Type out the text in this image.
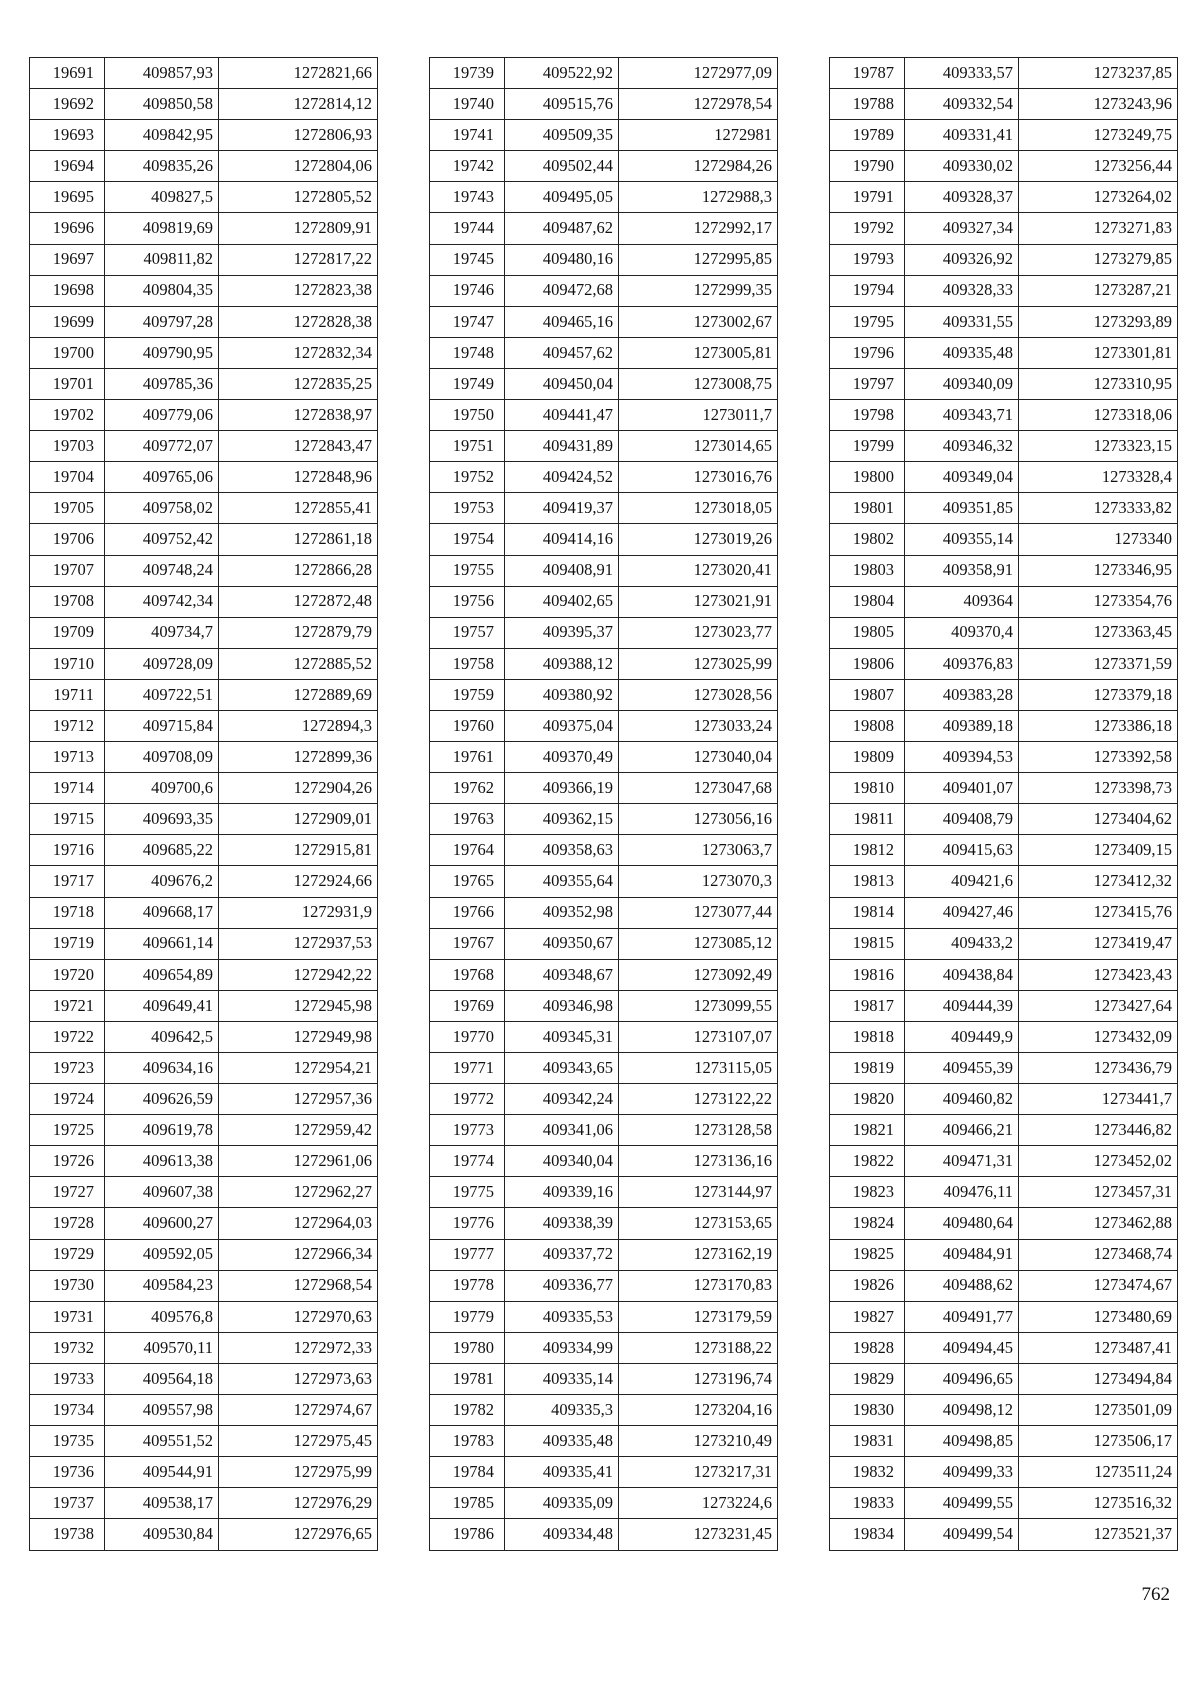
19691	409857,93	1272821,66
19692	409850,58	1272814,12
19693	409842,95	1272806,93
19694	409835,26	1272804,06
19695	409827,5	1272805,52
19696	409819,69	1272809,91
19697	409811,82	1272817,22
19698	409804,35	1272823,38
19699	409797,28	1272828,38
19700	409790,95	1272832,34
19701	409785,36	1272835,25
19702	409779,06	1272838,97
19703	409772,07	1272843,47
19704	409765,06	1272848,96
19705	409758,02	1272855,41
19706	409752,42	1272861,18
19707	409748,24	1272866,28
19708	409742,34	1272872,48
19709	409734,7	1272879,79
19710	409728,09	1272885,52
19711	409722,51	1272889,69
19712	409715,84	1272894,3
19713	409708,09	1272899,36
19714	409700,6	1272904,26
19715	409693,35	1272909,01
19716	409685,22	1272915,81
19717	409676,2	1272924,66
19718	409668,17	1272931,9
19719	409661,14	1272937,53
19720	409654,89	1272942,22
19721	409649,41	1272945,98
19722	409642,5	1272949,98
19723	409634,16	1272954,21
19724	409626,59	1272957,36
19725	409619,78	1272959,42
19726	409613,38	1272961,06
19727	409607,38	1272962,27
19728	409600,27	1272964,03
19729	409592,05	1272966,34
19730	409584,23	1272968,54
19731	409576,8	1272970,63
19732	409570,11	1272972,33
19733	409564,18	1272973,63
19734	409557,98	1272974,67
19735	409551,52	1272975,45
19736	409544,91	1272975,99
19737	409538,17	1272976,29
19738	409530,84	1272976,65
19739	409522,92	1272977,09
19740	409515,76	1272978,54
19741	409509,35	1272981
19742	409502,44	1272984,26
19743	409495,05	1272988,3
19744	409487,62	1272992,17
19745	409480,16	1272995,85
19746	409472,68	1272999,35
19747	409465,16	1273002,67
19748	409457,62	1273005,81
19749	409450,04	1273008,75
19750	409441,47	1273011,7
19751	409431,89	1273014,65
19752	409424,52	1273016,76
19753	409419,37	1273018,05
19754	409414,16	1273019,26
19755	409408,91	1273020,41
19756	409402,65	1273021,91
19757	409395,37	1273023,77
19758	409388,12	1273025,99
19759	409380,92	1273028,56
19760	409375,04	1273033,24
19761	409370,49	1273040,04
19762	409366,19	1273047,68
19763	409362,15	1273056,16
19764	409358,63	1273063,7
19765	409355,64	1273070,3
19766	409352,98	1273077,44
19767	409350,67	1273085,12
19768	409348,67	1273092,49
19769	409346,98	1273099,55
19770	409345,31	1273107,07
19771	409343,65	1273115,05
19772	409342,24	1273122,22
19773	409341,06	1273128,58
19774	409340,04	1273136,16
19775	409339,16	1273144,97
19776	409338,39	1273153,65
19777	409337,72	1273162,19
19778	409336,77	1273170,83
19779	409335,53	1273179,59
19780	409334,99	1273188,22
19781	409335,14	1273196,74
19782	409335,3	1273204,16
19783	409335,48	1273210,49
19784	409335,41	1273217,31
19785	409335,09	1273224,6
19786	409334,48	1273231,45
19787	409333,57	1273237,85
19788	409332,54	1273243,96
19789	409331,41	1273249,75
19790	409330,02	1273256,44
19791	409328,37	1273264,02
19792	409327,34	1273271,83
19793	409326,92	1273279,85
19794	409328,33	1273287,21
19795	409331,55	1273293,89
19796	409335,48	1273301,81
19797	409340,09	1273310,95
19798	409343,71	1273318,06
19799	409346,32	1273323,15
19800	409349,04	1273328,4
19801	409351,85	1273333,82
19802	409355,14	1273340
19803	409358,91	1273346,95
19804	409364	1273354,76
19805	409370,4	1273363,45
19806	409376,83	1273371,59
19807	409383,28	1273379,18
19808	409389,18	1273386,18
19809	409394,53	1273392,58
19810	409401,07	1273398,73
19811	409408,79	1273404,62
19812	409415,63	1273409,15
19813	409421,6	1273412,32
19814	409427,46	1273415,76
19815	409433,2	1273419,47
19816	409438,84	1273423,43
19817	409444,39	1273427,64
19818	409449,9	1273432,09
19819	409455,39	1273436,79
19820	409460,82	1273441,7
19821	409466,21	1273446,82
19822	409471,31	1273452,02
19823	409476,11	1273457,31
19824	409480,64	1273462,88
19825	409484,91	1273468,74
19826	409488,62	1273474,67
19827	409491,77	1273480,69
19828	409494,45	1273487,41
19829	409496,65	1273494,84
19830	409498,12	1273501,09
19831	409498,85	1273506,17
19832	409499,33	1273511,24
19833	409499,55	1273516,32
19834	409499,54	1273521,37
762
